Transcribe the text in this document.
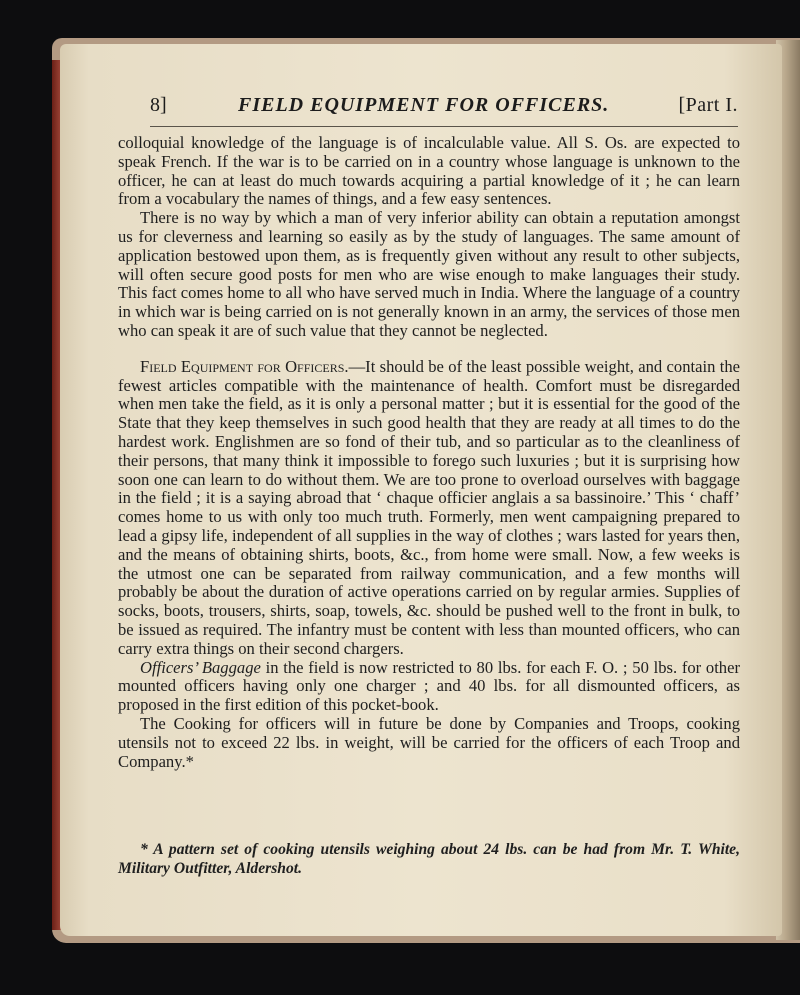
8]	FIELD EQUIPMENT FOR OFFICERS.	[Part I.

colloquial knowledge of the language is of incalculable value. All S. Os. are expected to speak French. If the war is to be carried on in a country whose language is unknown to the officer, he can at least do much towards acquiring a partial knowledge of it ; he can learn from a vocabulary the names of things, and a few easy sentences.

There is no way by which a man of very inferior ability can obtain a reputation amongst us for cleverness and learning so easily as by the study of languages. The same amount of application bestowed upon them, as is frequently given without any result to other subjects, will often secure good posts for men who are wise enough to make languages their study. This fact comes home to all who have served much in India. Where the language of a country in which war is being carried on is not generally known in an army, the services of those men who can speak it are of such value that they cannot be neglected.

Field Equipment for Officers.—It should be of the least possible weight, and contain the fewest articles compatible with the maintenance of health. Comfort must be disregarded when men take the field, as it is only a personal matter ; but it is essential for the good of the State that they keep themselves in such good health that they are ready at all times to do the hardest work. Englishmen are so fond of their tub, and so particular as to the cleanliness of their persons, that many think it impossible to forego such luxuries ; but it is surprising how soon one can learn to do without them. We are too prone to overload ourselves with baggage in the field ; it is a saying abroad that ‘ chaque officier anglais a sa bassinoire.’ This ‘ chaff’ comes home to us with only too much truth. Formerly, men went campaigning prepared to lead a gipsy life, independent of all supplies in the way of clothes ; wars lasted for years then, and the means of obtaining shirts, boots, &c., from home were small. Now, a few weeks is the utmost one can be separated from railway communication, and a few months will probably be about the duration of active operations carried on by regular armies. Supplies of socks, boots, trousers, shirts, soap, towels, &c. should be pushed well to the front in bulk, to be issued as required. The infantry must be content with less than mounted officers, who can carry extra things on their second chargers.

Officers’ Baggage in the field is now restricted to 80 lbs. for each F. O. ; 50 lbs. for other mounted officers having only one charger ; and 40 lbs. for all dismounted officers, as proposed in the first edition of this pocket-book.

The Cooking for officers will in future be done by Companies and Troops, cooking utensils not to exceed 22 lbs. in weight, will be carried for the officers of each Troop and Company.*

* A pattern set of cooking utensils weighing about 24 lbs. can be had from Mr. T. White, Military Outfitter, Aldershot.
